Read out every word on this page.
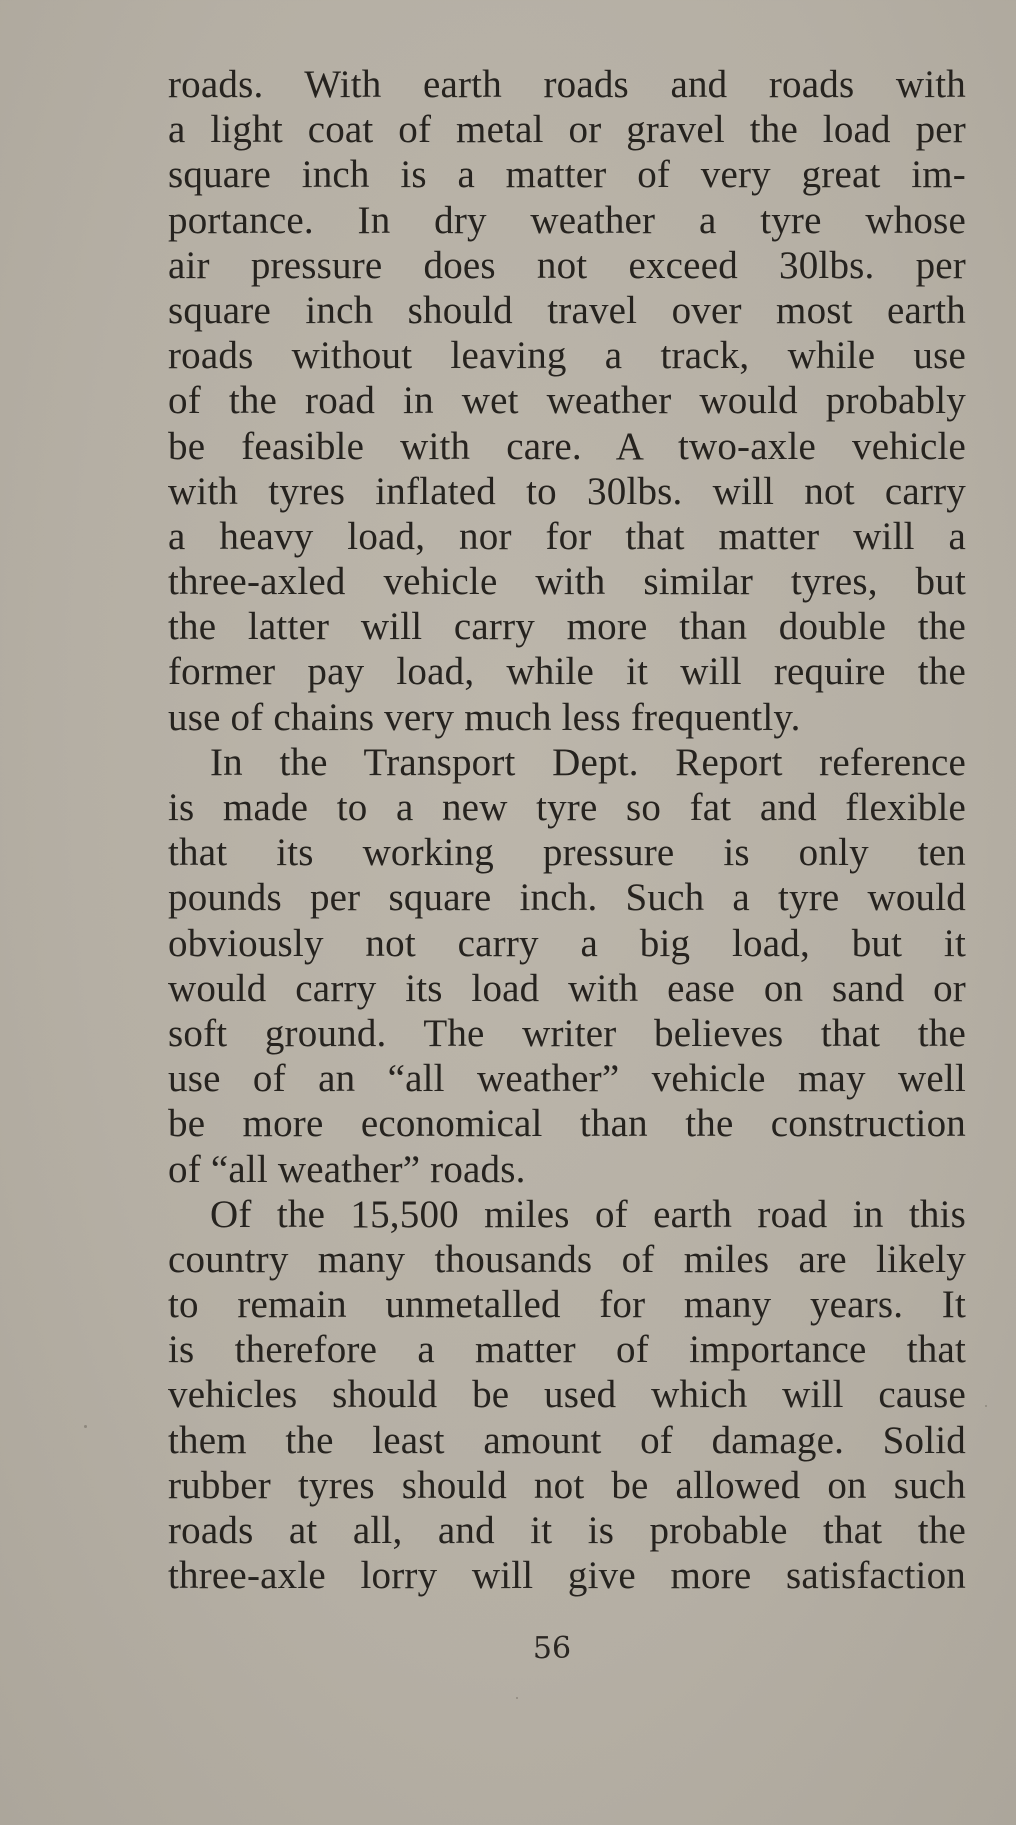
roads. With earth roads and roads with
a light coat of metal or gravel the load per
square inch is a matter of very great im-
portance. In dry weather a tyre whose
air pressure does not exceed 30lbs. per
square inch should travel over most earth
roads without leaving a track, while use
of the road in wet weather would probably
be feasible with care. A two-axle vehicle
with tyres inflated to 30lbs. will not carry
a heavy load, nor for that matter will a
three-axled vehicle with similar tyres, but
the latter will carry more than double the
former pay load, while it will require the
use of chains very much less frequently.
In the Transport Dept. Report reference
is made to a new tyre so fat and flexible
that its working pressure is only ten
pounds per square inch. Such a tyre would
obviously not carry a big load, but it
would carry its load with ease on sand or
soft ground. The writer believes that the
use of an “all weather” vehicle may well
be more economical than the construction
of “all weather” roads.
Of the 15,500 miles of earth road in this
country many thousands of miles are likely
to remain unmetalled for many years. It
is therefore a matter of importance that
vehicles should be used which will cause
them the least amount of damage. Solid
rubber tyres should not be allowed on such
roads at all, and it is probable that the
three-axle lorry will give more satisfaction
56
